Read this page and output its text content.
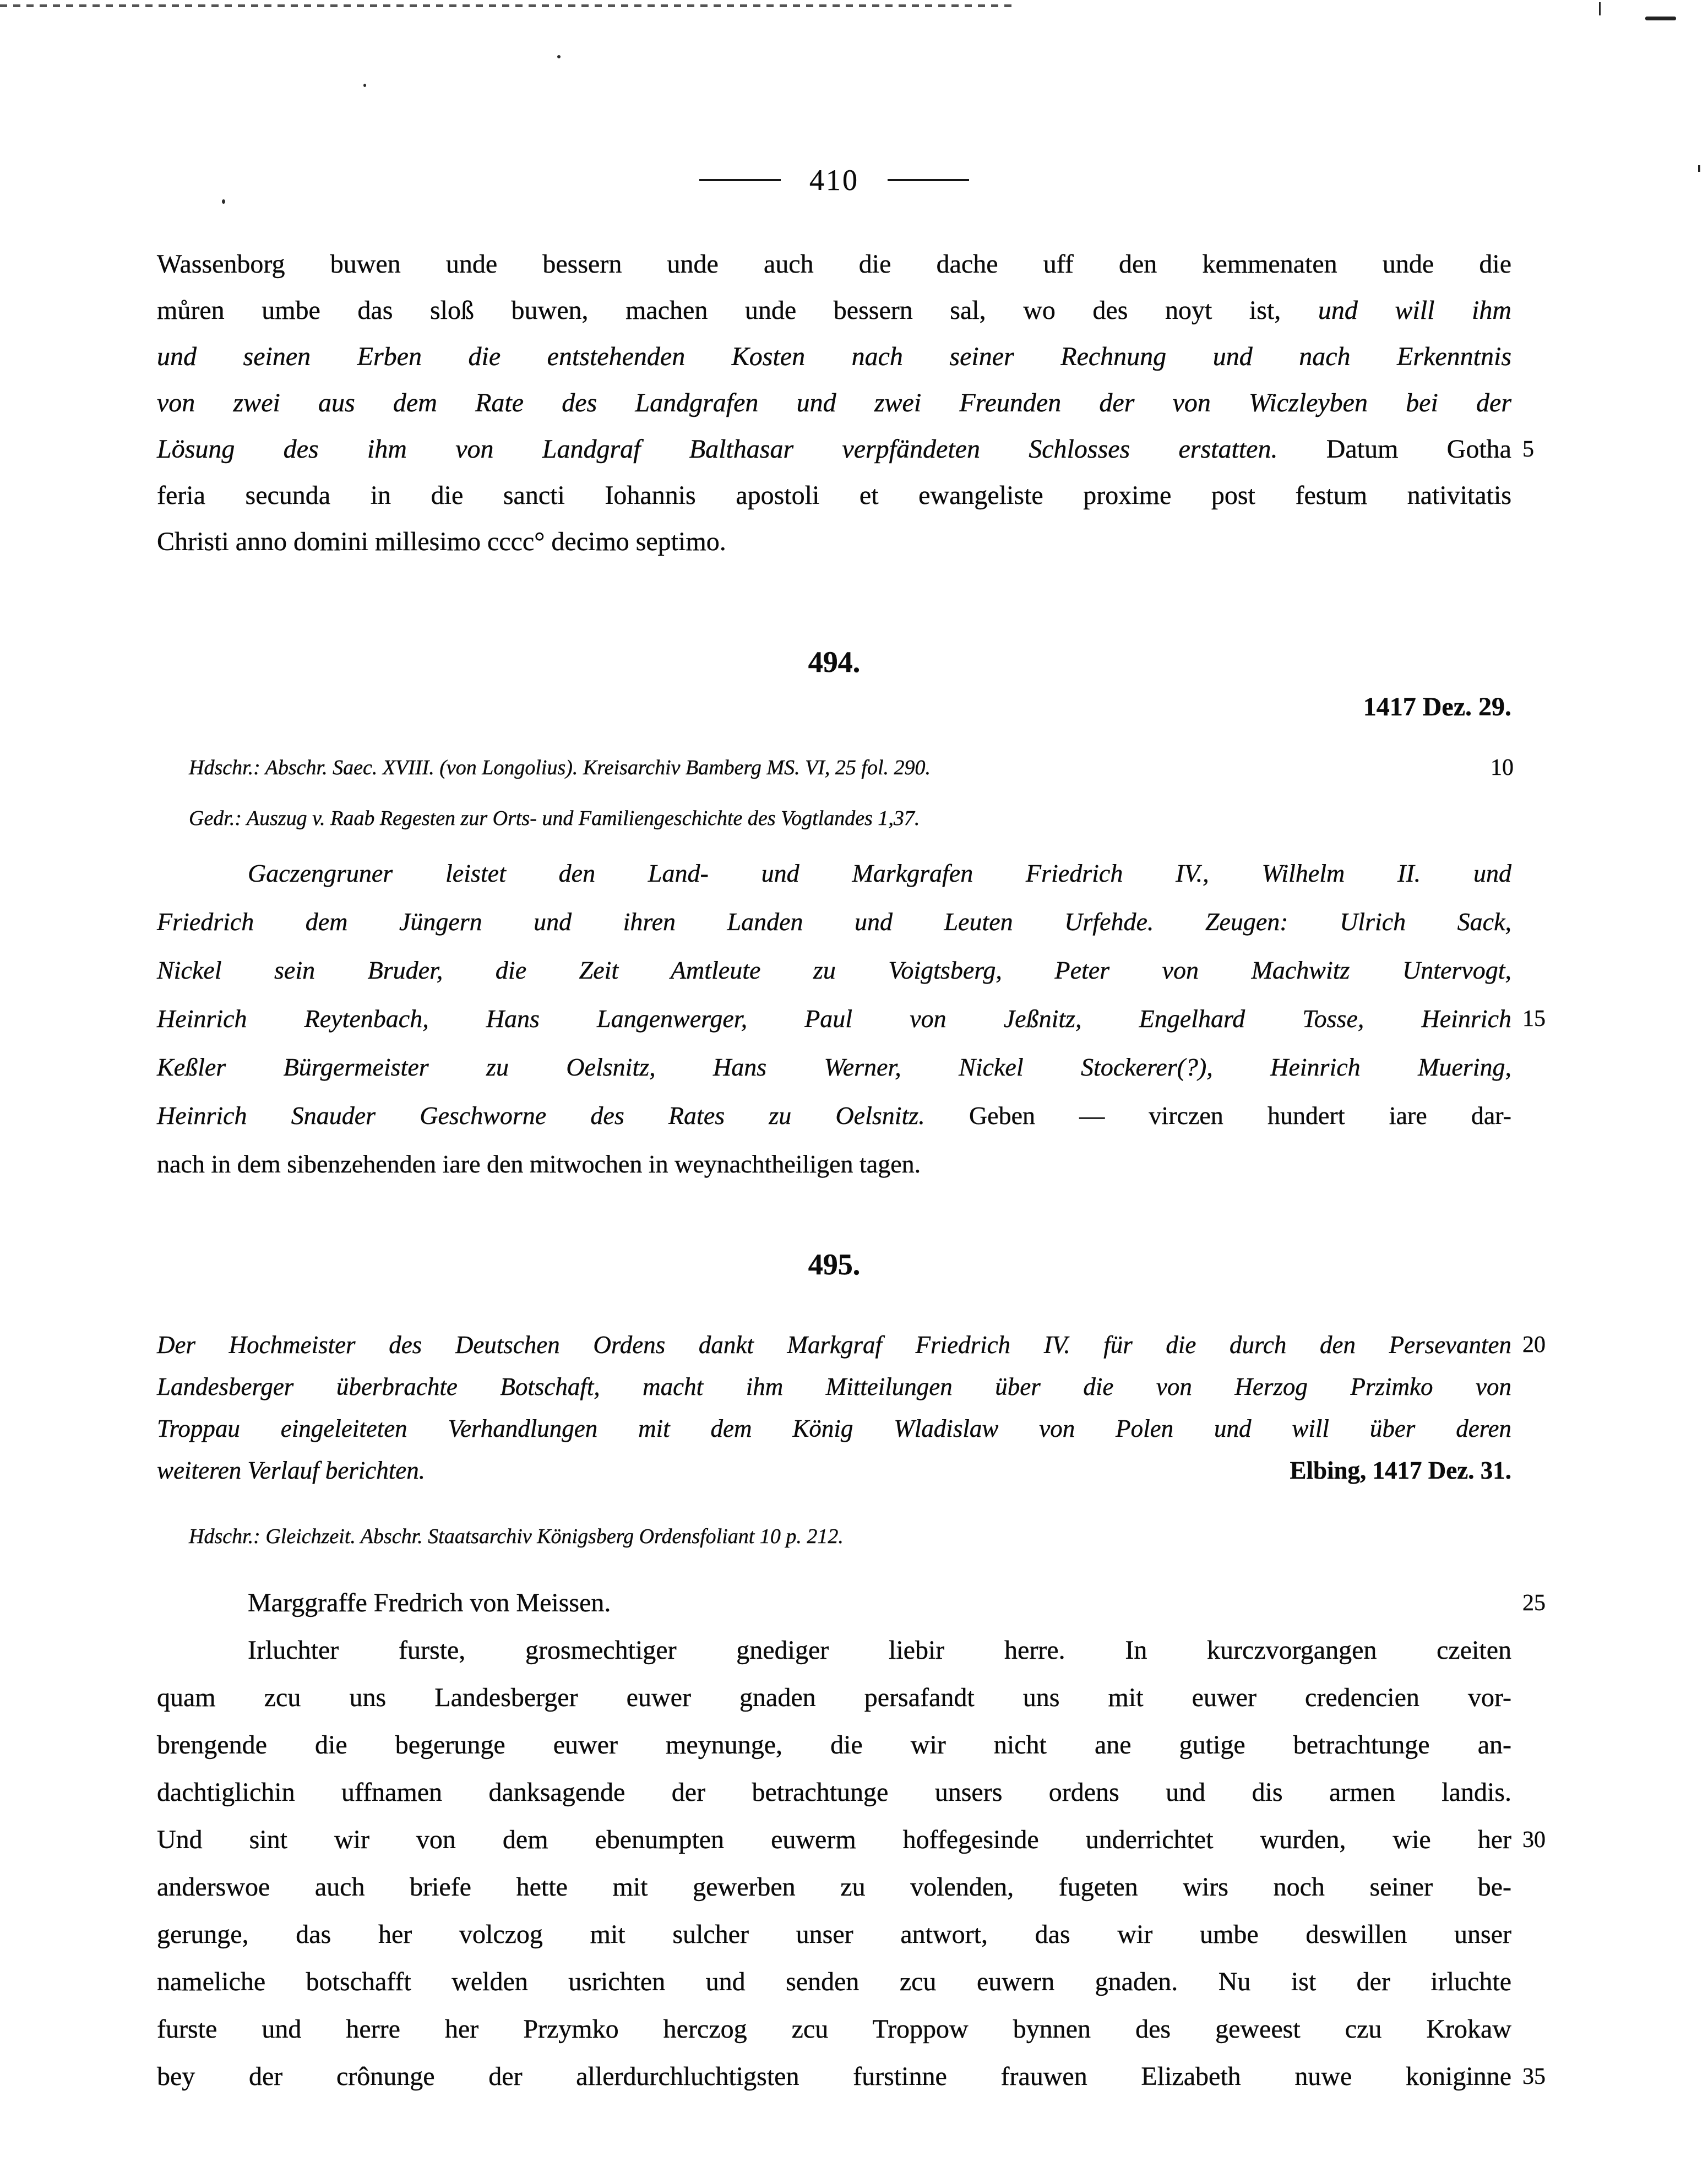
410
Wassenborg buwen unde bessern unde auch die dache uff den kemmenaten unde die
můren umbe das sloß buwen, machen unde bessern sal, wo des noyt ist, und will ihm
und seinen Erben die entstehenden Kosten nach seiner Rechnung und nach Erkenntnis
von zwei aus dem Rate des Landgrafen und zwei Freunden der von Wiczleyben bei der
Lösung des ihm von Landgraf Balthasar verpfändeten Schlosses erstatten. Datum Gotha 5
feria secunda in die sancti Iohannis apostoli et ewangeliste proxime post festum nativitatis
Christi anno domini millesimo cccc° decimo septimo.
494.
1417 Dez. 29.
Hdschr.: Abschr. Saec. XVIII. (von Longolius). Kreisarchiv Bamberg MS. VI, 25 fol. 290.	10
Gedr.: Auszug v. Raab Regesten zur Orts- und Familiengeschichte des Vogtlandes 1,37.
Gaczengruner leistet den Land- und Markgrafen Friedrich IV., Wilhelm II. und
Friedrich dem Jüngern und ihren Landen und Leuten Urfehde. Zeugen: Ulrich Sack,
Nickel sein Bruder, die Zeit Amtleute zu Voigtsberg, Peter von Machwitz Untervogt,
Heinrich Reytenbach, Hans Langenwerger, Paul von Jeßnitz, Engelhard Tosse, Heinrich 15
Keßler Bürgermeister zu Oelsnitz, Hans Werner, Nickel Stockerer(?), Heinrich Muering,
Heinrich Snauder Geschworne des Rates zu Oelsnitz. Geben — virczen hundert iare dar-
nach in dem sibenzehenden iare den mitwochen in weynachtheiligen tagen.
495.
Der Hochmeister des Deutschen Ordens dankt Markgraf Friedrich IV. für die durch den Persevanten 20
Landesberger überbrachte Botschaft, macht ihm Mitteilungen über die von Herzog Przimko von
Troppau eingeleiteten Verhandlungen mit dem König Wladislaw von Polen und will über deren
weiteren Verlauf berichten.	Elbing, 1417 Dez. 31.
Hdschr.: Gleichzeit. Abschr. Staatsarchiv Königsberg Ordensfoliant 10 p. 212.
Marggraffe Fredrich von Meissen.	25
Irluchter furste, grosmechtiger gnediger liebir herre. In kurczvorgangen czeiten
quam zcu uns Landesberger euwer gnaden persafandt uns mit euwer credencien vor-
brengende die begerunge euwer meynunge, die wir nicht ane gutige betrachtunge an-
dachtiglichin uffnamen danksagende der betrachtunge unsers ordens und dis armen landis.
Und sint wir von dem ebenumpten euwerm hoffegesinde underrichtet wurden, wie her 30
anderswoe auch briefe hette mit gewerben zu volenden, fugeten wirs noch seiner be-
gerunge, das her volczog mit sulcher unser antwort, das wir umbe deswillen unser
nameliche botschafft welden usrichten und senden zcu euwern gnaden. Nu ist der irluchte
furste und herre her Przymko herczog zcu Troppow bynnen des geweest czu Krokaw
bey der crônunge der allerdurchluchtigsten furstinne frauwen Elizabeth nuwe koniginne 35
